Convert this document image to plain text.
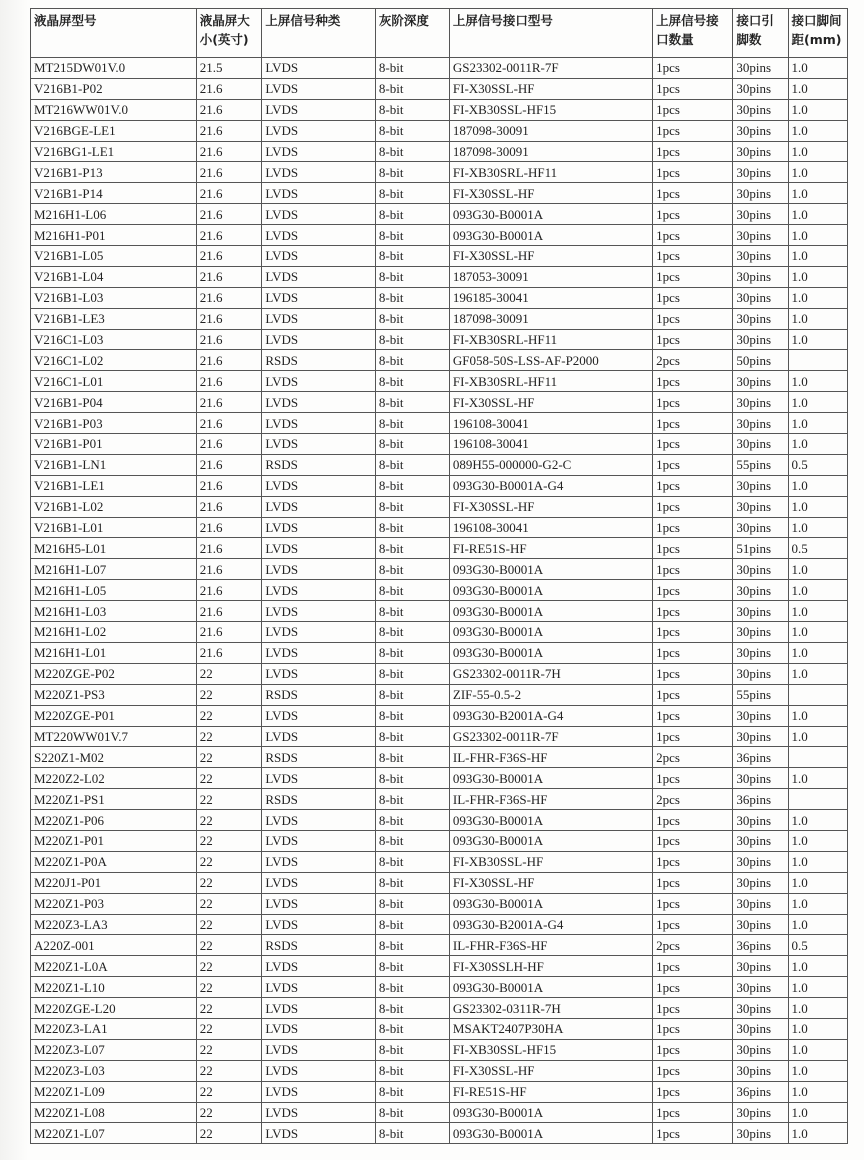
液晶屏型号	液晶屏大小(英寸)	上屏信号种类	灰阶深度	上屏信号接口型号	上屏信号接口数量	接口引脚数	接口脚间距(mm)
MT215DW01V.0	21.5	LVDS	8-bit	GS23302-0011R-7F	1pcs	30pins	1.0
V216B1-P02	21.6	LVDS	8-bit	FI-X30SSL-HF	1pcs	30pins	1.0
MT216WW01V.0	21.6	LVDS	8-bit	FI-XB30SSL-HF15	1pcs	30pins	1.0
V216BGE-LE1	21.6	LVDS	8-bit	187098-30091	1pcs	30pins	1.0
V216BG1-LE1	21.6	LVDS	8-bit	187098-30091	1pcs	30pins	1.0
V216B1-P13	21.6	LVDS	8-bit	FI-XB30SRL-HF11	1pcs	30pins	1.0
V216B1-P14	21.6	LVDS	8-bit	FI-X30SSL-HF	1pcs	30pins	1.0
M216H1-L06	21.6	LVDS	8-bit	093G30-B0001A	1pcs	30pins	1.0
M216H1-P01	21.6	LVDS	8-bit	093G30-B0001A	1pcs	30pins	1.0
V216B1-L05	21.6	LVDS	8-bit	FI-X30SSL-HF	1pcs	30pins	1.0
V216B1-L04	21.6	LVDS	8-bit	187053-30091	1pcs	30pins	1.0
V216B1-L03	21.6	LVDS	8-bit	196185-30041	1pcs	30pins	1.0
V216B1-LE3	21.6	LVDS	8-bit	187098-30091	1pcs	30pins	1.0
V216C1-L03	21.6	LVDS	8-bit	FI-XB30SRL-HF11	1pcs	30pins	1.0
V216C1-L02	21.6	RSDS	8-bit	GF058-50S-LSS-AF-P2000	2pcs	50pins	
V216C1-L01	21.6	LVDS	8-bit	FI-XB30SRL-HF11	1pcs	30pins	1.0
V216B1-P04	21.6	LVDS	8-bit	FI-X30SSL-HF	1pcs	30pins	1.0
V216B1-P03	21.6	LVDS	8-bit	196108-30041	1pcs	30pins	1.0
V216B1-P01	21.6	LVDS	8-bit	196108-30041	1pcs	30pins	1.0
V216B1-LN1	21.6	RSDS	8-bit	089H55-000000-G2-C	1pcs	55pins	0.5
V216B1-LE1	21.6	LVDS	8-bit	093G30-B0001A-G4	1pcs	30pins	1.0
V216B1-L02	21.6	LVDS	8-bit	FI-X30SSL-HF	1pcs	30pins	1.0
V216B1-L01	21.6	LVDS	8-bit	196108-30041	1pcs	30pins	1.0
M216H5-L01	21.6	LVDS	8-bit	FI-RE51S-HF	1pcs	51pins	0.5
M216H1-L07	21.6	LVDS	8-bit	093G30-B0001A	1pcs	30pins	1.0
M216H1-L05	21.6	LVDS	8-bit	093G30-B0001A	1pcs	30pins	1.0
M216H1-L03	21.6	LVDS	8-bit	093G30-B0001A	1pcs	30pins	1.0
M216H1-L02	21.6	LVDS	8-bit	093G30-B0001A	1pcs	30pins	1.0
M216H1-L01	21.6	LVDS	8-bit	093G30-B0001A	1pcs	30pins	1.0
M220ZGE-P02	22	LVDS	8-bit	GS23302-0011R-7H	1pcs	30pins	1.0
M220Z1-PS3	22	RSDS	8-bit	ZIF-55-0.5-2	1pcs	55pins	
M220ZGE-P01	22	LVDS	8-bit	093G30-B2001A-G4	1pcs	30pins	1.0
MT220WW01V.7	22	LVDS	8-bit	GS23302-0011R-7F	1pcs	30pins	1.0
S220Z1-M02	22	RSDS	8-bit	IL-FHR-F36S-HF	2pcs	36pins	
M220Z2-L02	22	LVDS	8-bit	093G30-B0001A	1pcs	30pins	1.0
M220Z1-PS1	22	RSDS	8-bit	IL-FHR-F36S-HF	2pcs	36pins	
M220Z1-P06	22	LVDS	8-bit	093G30-B0001A	1pcs	30pins	1.0
M220Z1-P01	22	LVDS	8-bit	093G30-B0001A	1pcs	30pins	1.0
M220Z1-P0A	22	LVDS	8-bit	FI-XB30SSL-HF	1pcs	30pins	1.0
M220J1-P01	22	LVDS	8-bit	FI-X30SSL-HF	1pcs	30pins	1.0
M220Z1-P03	22	LVDS	8-bit	093G30-B0001A	1pcs	30pins	1.0
M220Z3-LA3	22	LVDS	8-bit	093G30-B2001A-G4	1pcs	30pins	1.0
A220Z-001	22	RSDS	8-bit	IL-FHR-F36S-HF	2pcs	36pins	0.5
M220Z1-L0A	22	LVDS	8-bit	FI-X30SSLH-HF	1pcs	30pins	1.0
M220Z1-L10	22	LVDS	8-bit	093G30-B0001A	1pcs	30pins	1.0
M220ZGE-L20	22	LVDS	8-bit	GS23302-0311R-7H	1pcs	30pins	1.0
M220Z3-LA1	22	LVDS	8-bit	MSAKT2407P30HA	1pcs	30pins	1.0
M220Z3-L07	22	LVDS	8-bit	FI-XB30SSL-HF15	1pcs	30pins	1.0
M220Z3-L03	22	LVDS	8-bit	FI-X30SSL-HF	1pcs	30pins	1.0
M220Z1-L09	22	LVDS	8-bit	FI-RE51S-HF	1pcs	36pins	1.0
M220Z1-L08	22	LVDS	8-bit	093G30-B0001A	1pcs	30pins	1.0
M220Z1-L07	22	LVDS	8-bit	093G30-B0001A	1pcs	30pins	1.0
